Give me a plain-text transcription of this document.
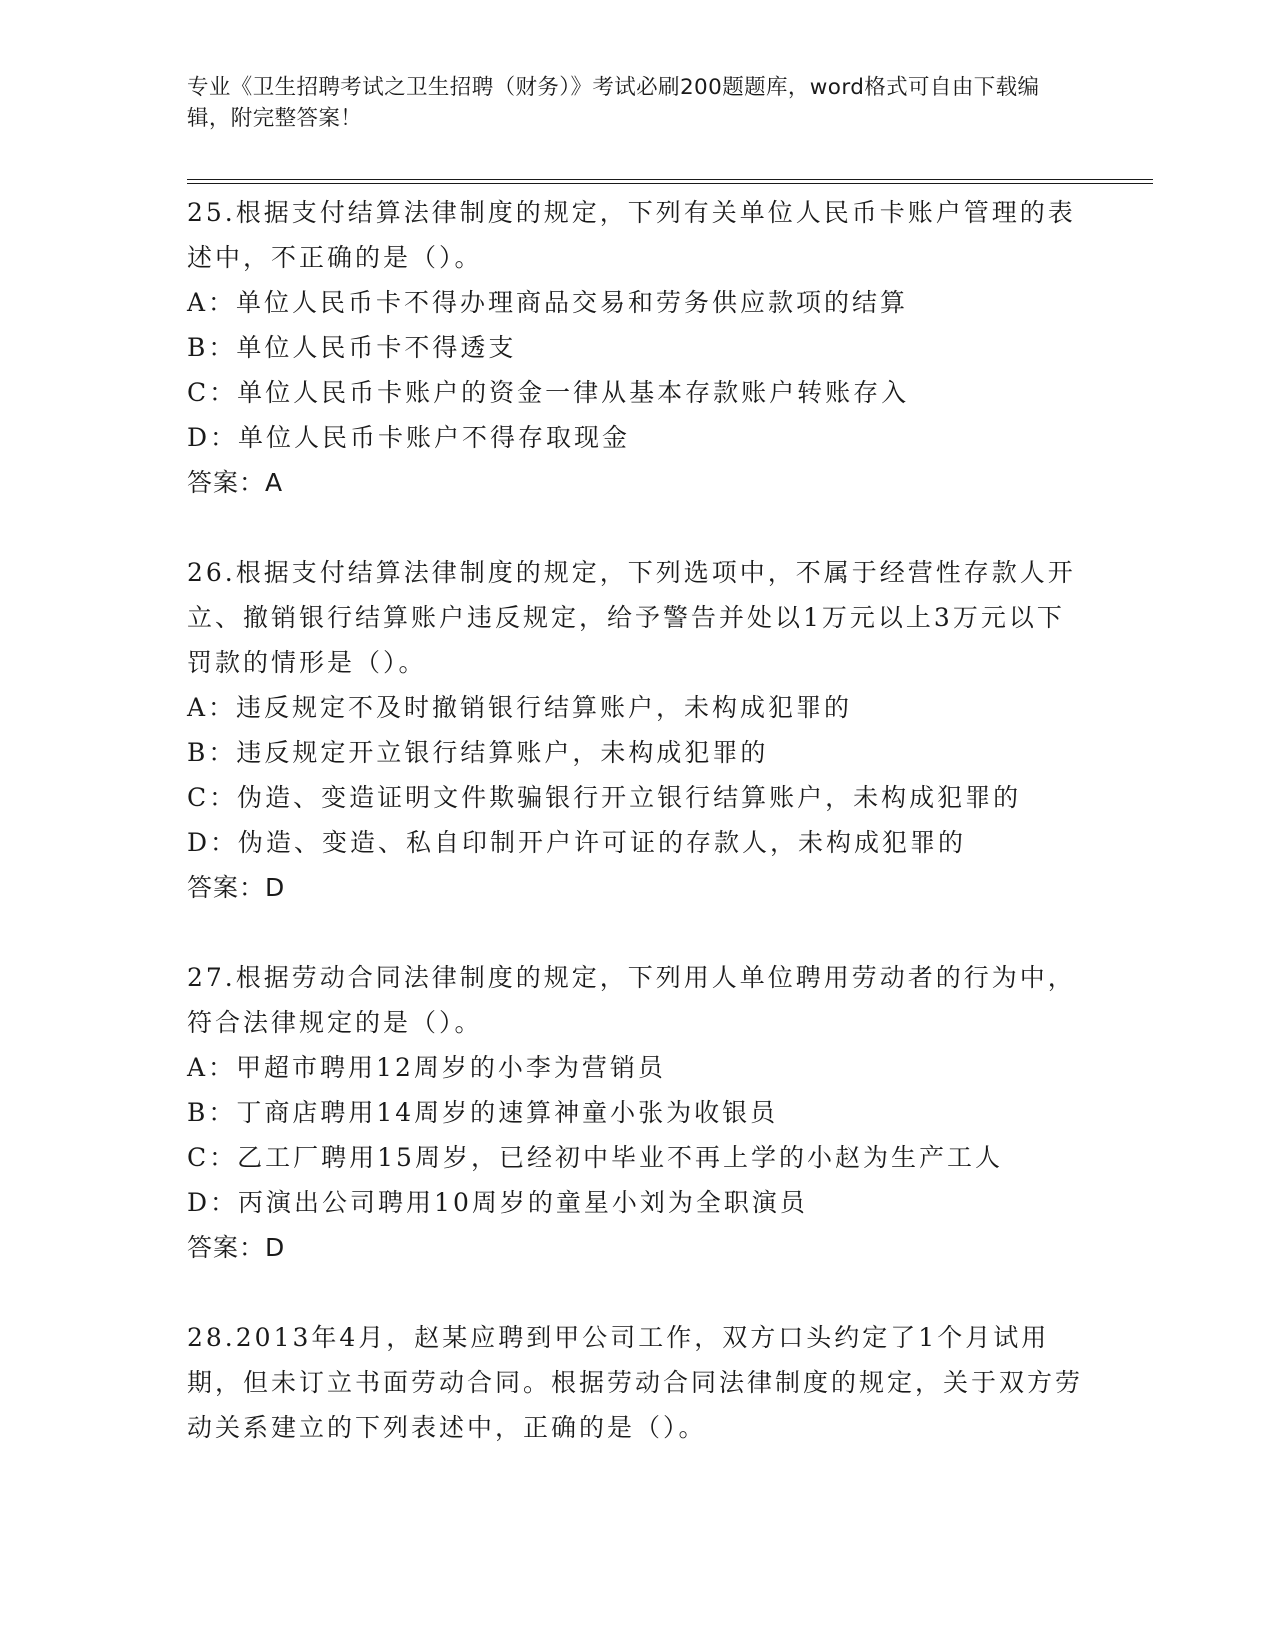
专业《卫生招聘考试之卫生招聘（财务）》考试必刷200题题库，word格式可自由下载编辑，附完整答案！

25.根据支付结算法律制度的规定，下列有关单位人民币卡账户管理的表述中，不正确的是（）。

A：单位人民币卡不得办理商品交易和劳务供应款项的结算

B：单位人民币卡不得透支

C：单位人民币卡账户的资金一律从基本存款账户转账存入

D：单位人民币卡账户不得存取现金

答案：A

26.根据支付结算法律制度的规定，下列选项中，不属于经营性存款人开立、撤销银行结算账户违反规定，给予警告并处以1万元以上3万元以下罚款的情形是（）。

A：违反规定不及时撤销银行结算账户，未构成犯罪的

B：违反规定开立银行结算账户，未构成犯罪的

C：伪造、变造证明文件欺骗银行开立银行结算账户，未构成犯罪的

D：伪造、变造、私自印制开户许可证的存款人，未构成犯罪的

答案：D

27.根据劳动合同法律制度的规定，下列用人单位聘用劳动者的行为中，符合法律规定的是（）。

A：甲超市聘用12周岁的小李为营销员

B：丁商店聘用14周岁的速算神童小张为收银员

C：乙工厂聘用15周岁，已经初中毕业不再上学的小赵为生产工人

D：丙演出公司聘用10周岁的童星小刘为全职演员

答案：D

28.2013年4月，赵某应聘到甲公司工作，双方口头约定了1个月试用期，但未订立书面劳动合同。根据劳动合同法律制度的规定，关于双方劳动关系建立的下列表述中，正确的是（）。
